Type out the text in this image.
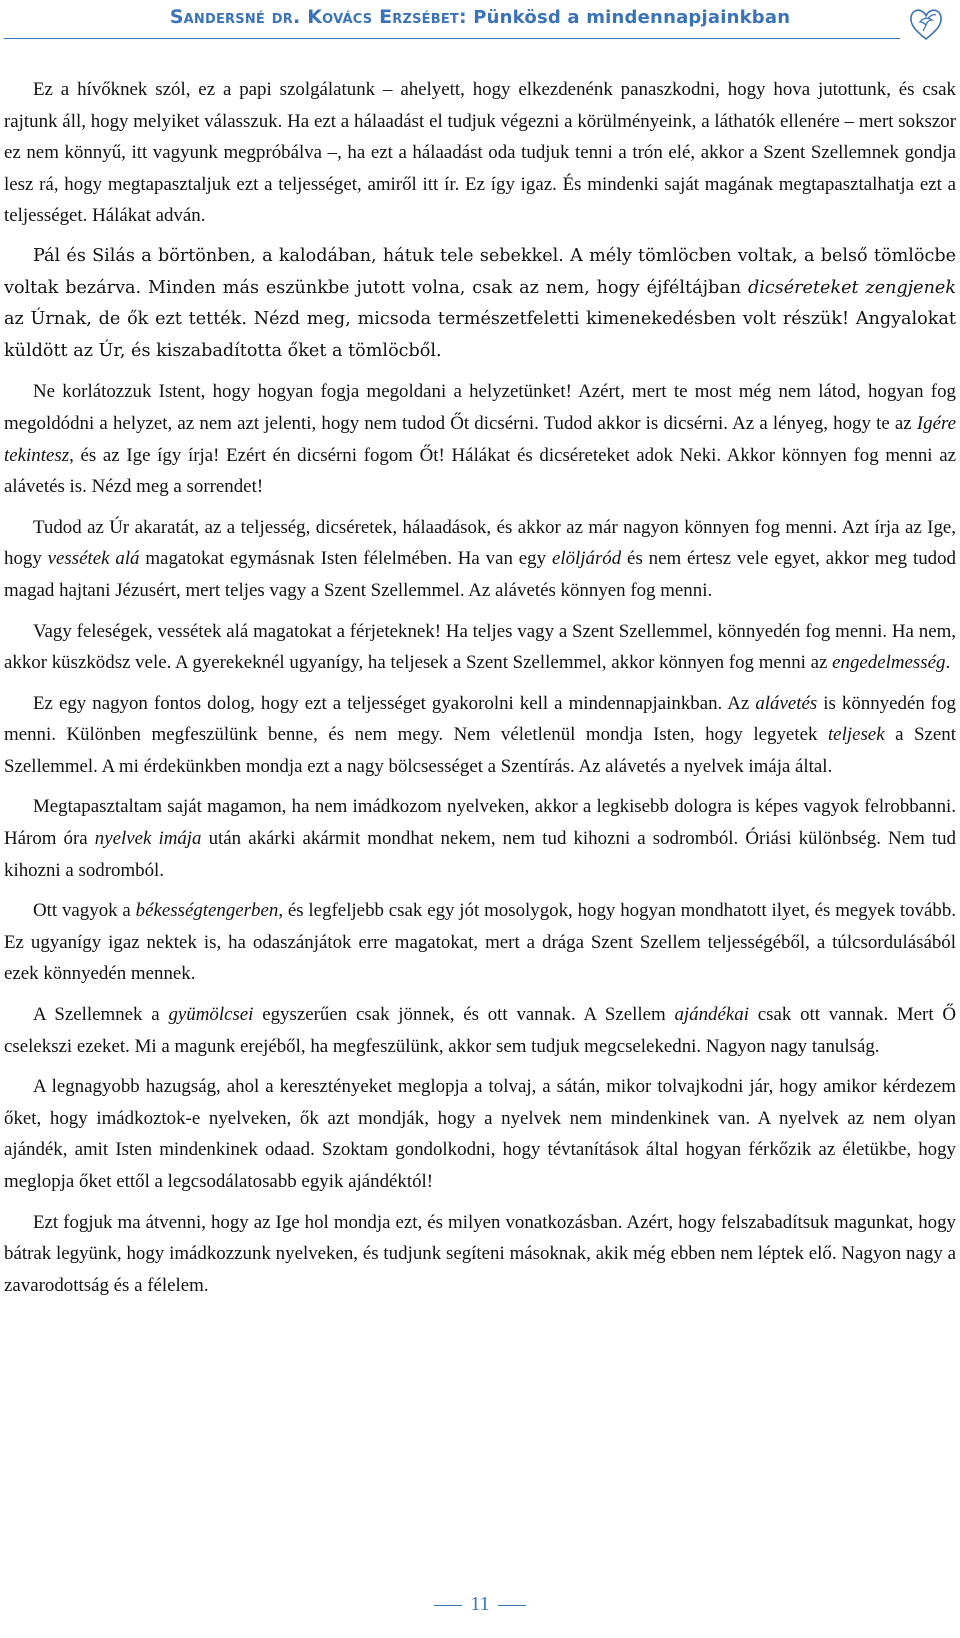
Sandersné dr. Kovács Erzsébet: Pünkösd a mindennapjainkban

Ez a hívőknek szól, ez a papi szolgálatunk – ahelyett, hogy elkezdenénk panaszkodni, hogy hova jutottunk, és csak rajtunk áll, hogy melyiket válasszuk. Ha ezt a hálaadást el tudjuk végezni a körülményeink, a láthatók ellenére – mert sokszor ez nem könnyű, itt vagyunk megpróbálva –, ha ezt a hálaadást oda tudjuk tenni a trón elé, akkor a Szent Szellemnek gondja lesz rá, hogy megtapasztaljuk ezt a teljességet, amiről itt ír. Ez így igaz. És mindenki saját magának megtapasztalhatja ezt a teljességet. Hálákat adván.

Pál és Silás a börtönben, a kalodában, hátuk tele sebekkel. A mély tömlöcben voltak, a belső tömlöcbe voltak bezárva. Minden más eszünkbe jutott volna, csak az nem, hogy éjféltájban dicséreteket zengjenek az Úrnak, de ők ezt tették. Nézd meg, micsoda természetfeletti kimenekedésben volt részük! Angyalokat küldött az Úr, és kiszabadította őket a tömlöcből.

Ne korlátozzuk Istent, hogy hogyan fogja megoldani a helyzetünket! Azért, mert te most még nem látod, hogyan fog megoldódni a helyzet, az nem azt jelenti, hogy nem tudod Őt dicsérni. Tudod akkor is dicsérni. Az a lényeg, hogy te az Igére tekintesz, és az Ige így írja! Ezért én dicsérni fogom Őt! Hálákat és dicséreteket adok Neki. Akkor könnyen fog menni az alávetés is. Nézd meg a sorrendet!

Tudod az Úr akaratát, az a teljesség, dicséretek, hálaadások, és akkor az már nagyon könnyen fog menni. Azt írja az Ige, hogy vessétek alá magatokat egymásnak Isten félelmében. Ha van egy elöljáród és nem értesz vele egyet, akkor meg tudod magad hajtani Jézusért, mert teljes vagy a Szent Szellemmel. Az alávetés könnyen fog menni.

Vagy feleségek, vessétek alá magatokat a férjeteknek! Ha teljes vagy a Szent Szellemmel, könnyedén fog menni. Ha nem, akkor küszködsz vele. A gyerekeknél ugyanígy, ha teljesek a Szent Szellemmel, akkor könnyen fog menni az engedelmesség.

Ez egy nagyon fontos dolog, hogy ezt a teljességet gyakorolni kell a mindennapjainkban. Az alávetés is könnyedén fog menni. Különben megfeszülünk benne, és nem megy. Nem véletlenül mondja Isten, hogy legyetek teljesek a Szent Szellemmel. A mi érdekünkben mondja ezt a nagy bölcsességet a Szentírás. Az alávetés a nyelvek imája által.

Megtapasztaltam saját magamon, ha nem imádkozom nyelveken, akkor a legkisebb dologra is képes vagyok felrobbanni. Három óra nyelvek imája után akárki akármit mondhat nekem, nem tud kihozni a sodromból. Óriási különbség. Nem tud kihozni a sodromból.

Ott vagyok a békességtengerben, és legfeljebb csak egy jót mosolygok, hogy hogyan mondhatott ilyet, és megyek tovább. Ez ugyanígy igaz nektek is, ha odaszánjátok erre magatokat, mert a drága Szent Szellem teljességéből, a túlcsordulásából ezek könnyedén mennek.

A Szellemnek a gyümölcsei egyszerűen csak jönnek, és ott vannak. A Szellem ajándékai csak ott vannak. Mert Ő cselekszi ezeket. Mi a magunk erejéből, ha megfeszülünk, akkor sem tudjuk megcselekedni. Nagyon nagy tanulság.

A legnagyobb hazugság, ahol a keresztényeket meglopja a tolvaj, a sátán, mikor tolvajkodni jár, hogy amikor kérdezem őket, hogy imádkoztok-e nyelveken, ők azt mondják, hogy a nyelvek nem mindenkinek van. A nyelvek az nem olyan ajándék, amit Isten mindenkinek odaad. Szoktam gondolkodni, hogy tévtanítások által hogyan férkőzik az életükbe, hogy meglopja őket ettől a legcsodálatosabb egyik ajándéktól!

Ezt fogjuk ma átvenni, hogy az Ige hol mondja ezt, és milyen vonatkozásban. Azért, hogy felszabadítsuk magunkat, hogy bátrak legyünk, hogy imádkozzunk nyelveken, és tudjunk segíteni másoknak, akik még ebben nem léptek elő. Nagyon nagy a zavarodottság és a félelem.

11
